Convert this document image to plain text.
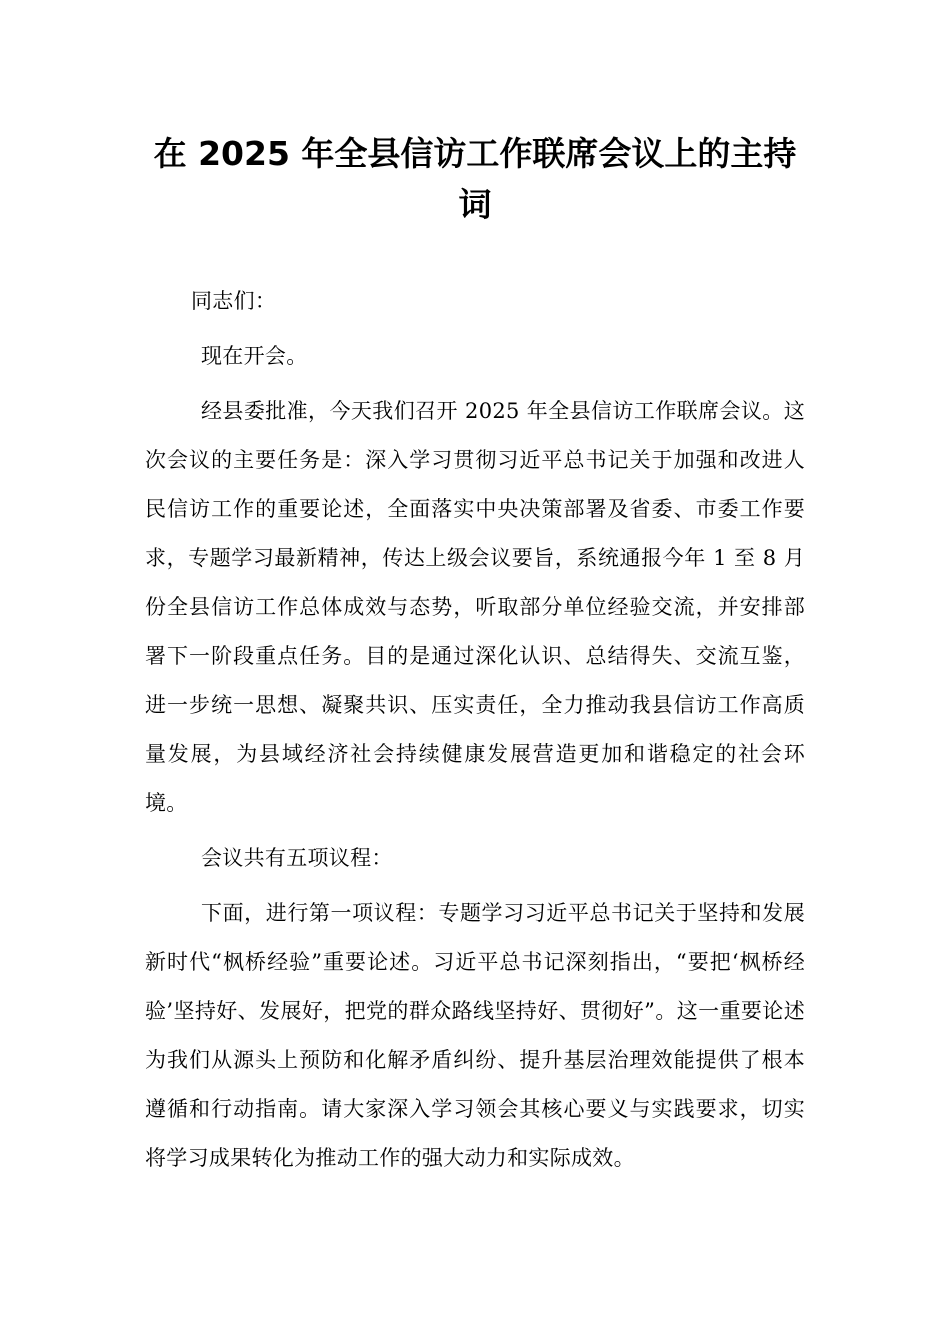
在 2025 年全县信访工作联席会议上的主持词

同志们：

现在开会。

经县委批准，今天我们召开 2025 年全县信访工作联席会议。这次会议的主要任务是：深入学习贯彻习近平总书记关于加强和改进人民信访工作的重要论述，全面落实中央决策部署及省委、市委工作要求，专题学习最新精神，传达上级会议要旨，系统通报今年 1 至 8 月份全县信访工作总体成效与态势，听取部分单位经验交流，并安排部署下一阶段重点任务。目的是通过深化认识、总结得失、交流互鉴，进一步统一思想、凝聚共识、压实责任，全力推动我县信访工作高质量发展，为县域经济社会持续健康发展营造更加和谐稳定的社会环境。

会议共有五项议程：

下面，进行第一项议程：专题学习习近平总书记关于坚持和发展新时代“枫桥经验”重要论述。习近平总书记深刻指出，“要把‘枫桥经验’坚持好、发展好，把党的群众路线坚持好、贯彻好”。这一重要论述为我们从源头上预防和化解矛盾纠纷、提升基层治理效能提供了根本遵循和行动指南。请大家深入学习领会其核心要义与实践要求，切实将学习成果转化为推动工作的强大动力和实际成效。
